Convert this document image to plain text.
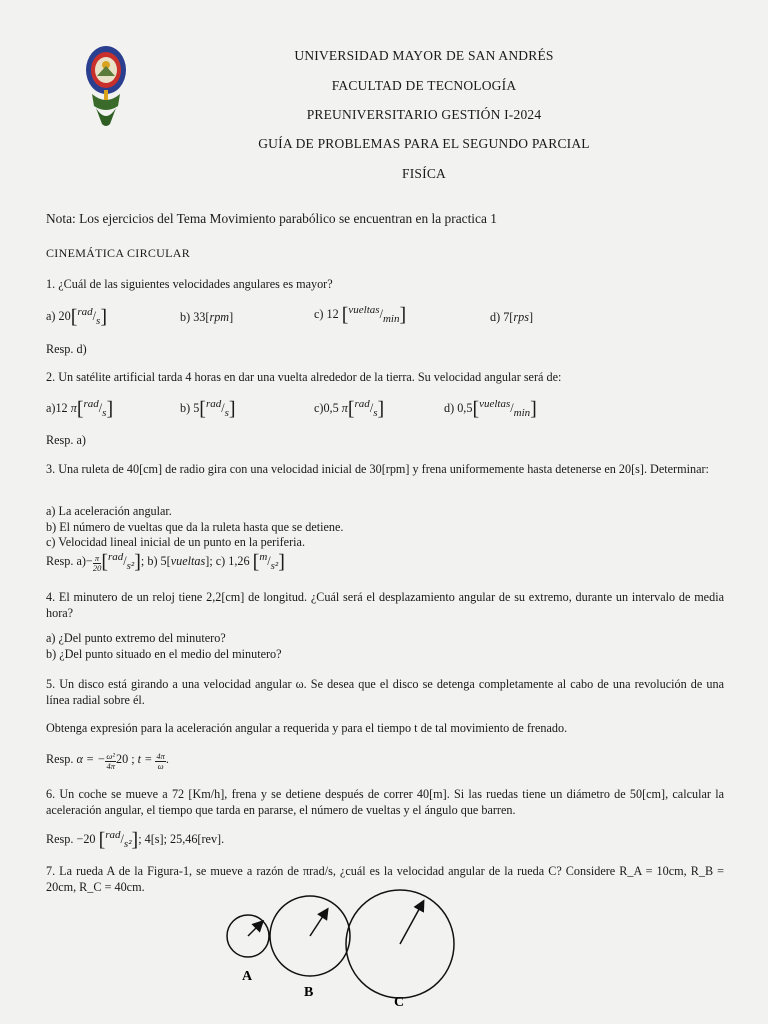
UNIVERSIDAD MAYOR DE SAN ANDRÉS
FACULTAD DE TECNOLOGÍA
PREUNIVERSITARIO GESTIÓN I-2024
GUÍA DE PROBLEMAS PARA EL SEGUNDO PARCIAL
FISÍCA
Nota: Los ejercicios del Tema Movimiento parabólico se encuentran en la practica 1
CINEMÁTICA CIRCULAR
1. ¿Cuál de las siguientes velocidades angulares es mayor?
a) 20[rad/s]	b) 33[rpm]	c) 12 [vueltas/min]	d) 7[rps]
Resp. d)
2. Un satélite artificial tarda 4 horas en dar una vuelta alrededor de la tierra. Su velocidad angular será de:
a)12 π[rad/s]	b) 5[rad/s]	c)0,5 π[rad/s]	d) 0,5[vueltas/min]
Resp. a)
3. Una ruleta de 40[cm] de radio gira con una velocidad inicial de 30[rpm] y frena uniformemente hasta detenerse en 20[s]. Determinar:
a) La aceleración angular.
b) El número de vueltas que da la ruleta hasta que se detiene.
c) Velocidad lineal inicial de un punto en la periferia.
Resp. $a)- \frac{\pi}{20} [rad/s^2]$; b) 5[vueltas]; c) 1,26 [m/s²]
4. El minutero de un reloj tiene 2,2[cm] de longitud. ¿Cuál será el desplazamiento angular de su extremo, durante un intervalo de media hora?
a) ¿Del punto extremo del minutero?
b) ¿Del punto situado en el medio del minutero?
5. Un disco está girando a una velocidad angular ω. Se desea que el disco se detenga completamente al cabo de una revolución de una línea radial sobre él.
Obtenga expresión para la aceleración angular a requerida y para el tiempo t de tal movimiento de frenado.
Resp. α = − $\frac{\text{ω²}}{4\pi} 20$ ; $t = \frac{4\pi}{\omega}$ .
6. Un coche se mueve a 72 [Km/h], frena y se detiene después de correr 40[m]. Si las ruedas tiene un diámetro de 50[cm], calcular la aceleración angular, el tiempo que tarda en pararse, el número de vueltas y el ángulo que barren.
Resp. −20 [rad/s²]; 4[s]; 25,46[rev].
7. La rueda A de la Figura-1, se mueve a razón de πrad/s, ¿cuál es la velocidad angular de la rueda C? Considere R_A = 10cm, R_B = 20cm, R_C = 40cm.
A
B
C
